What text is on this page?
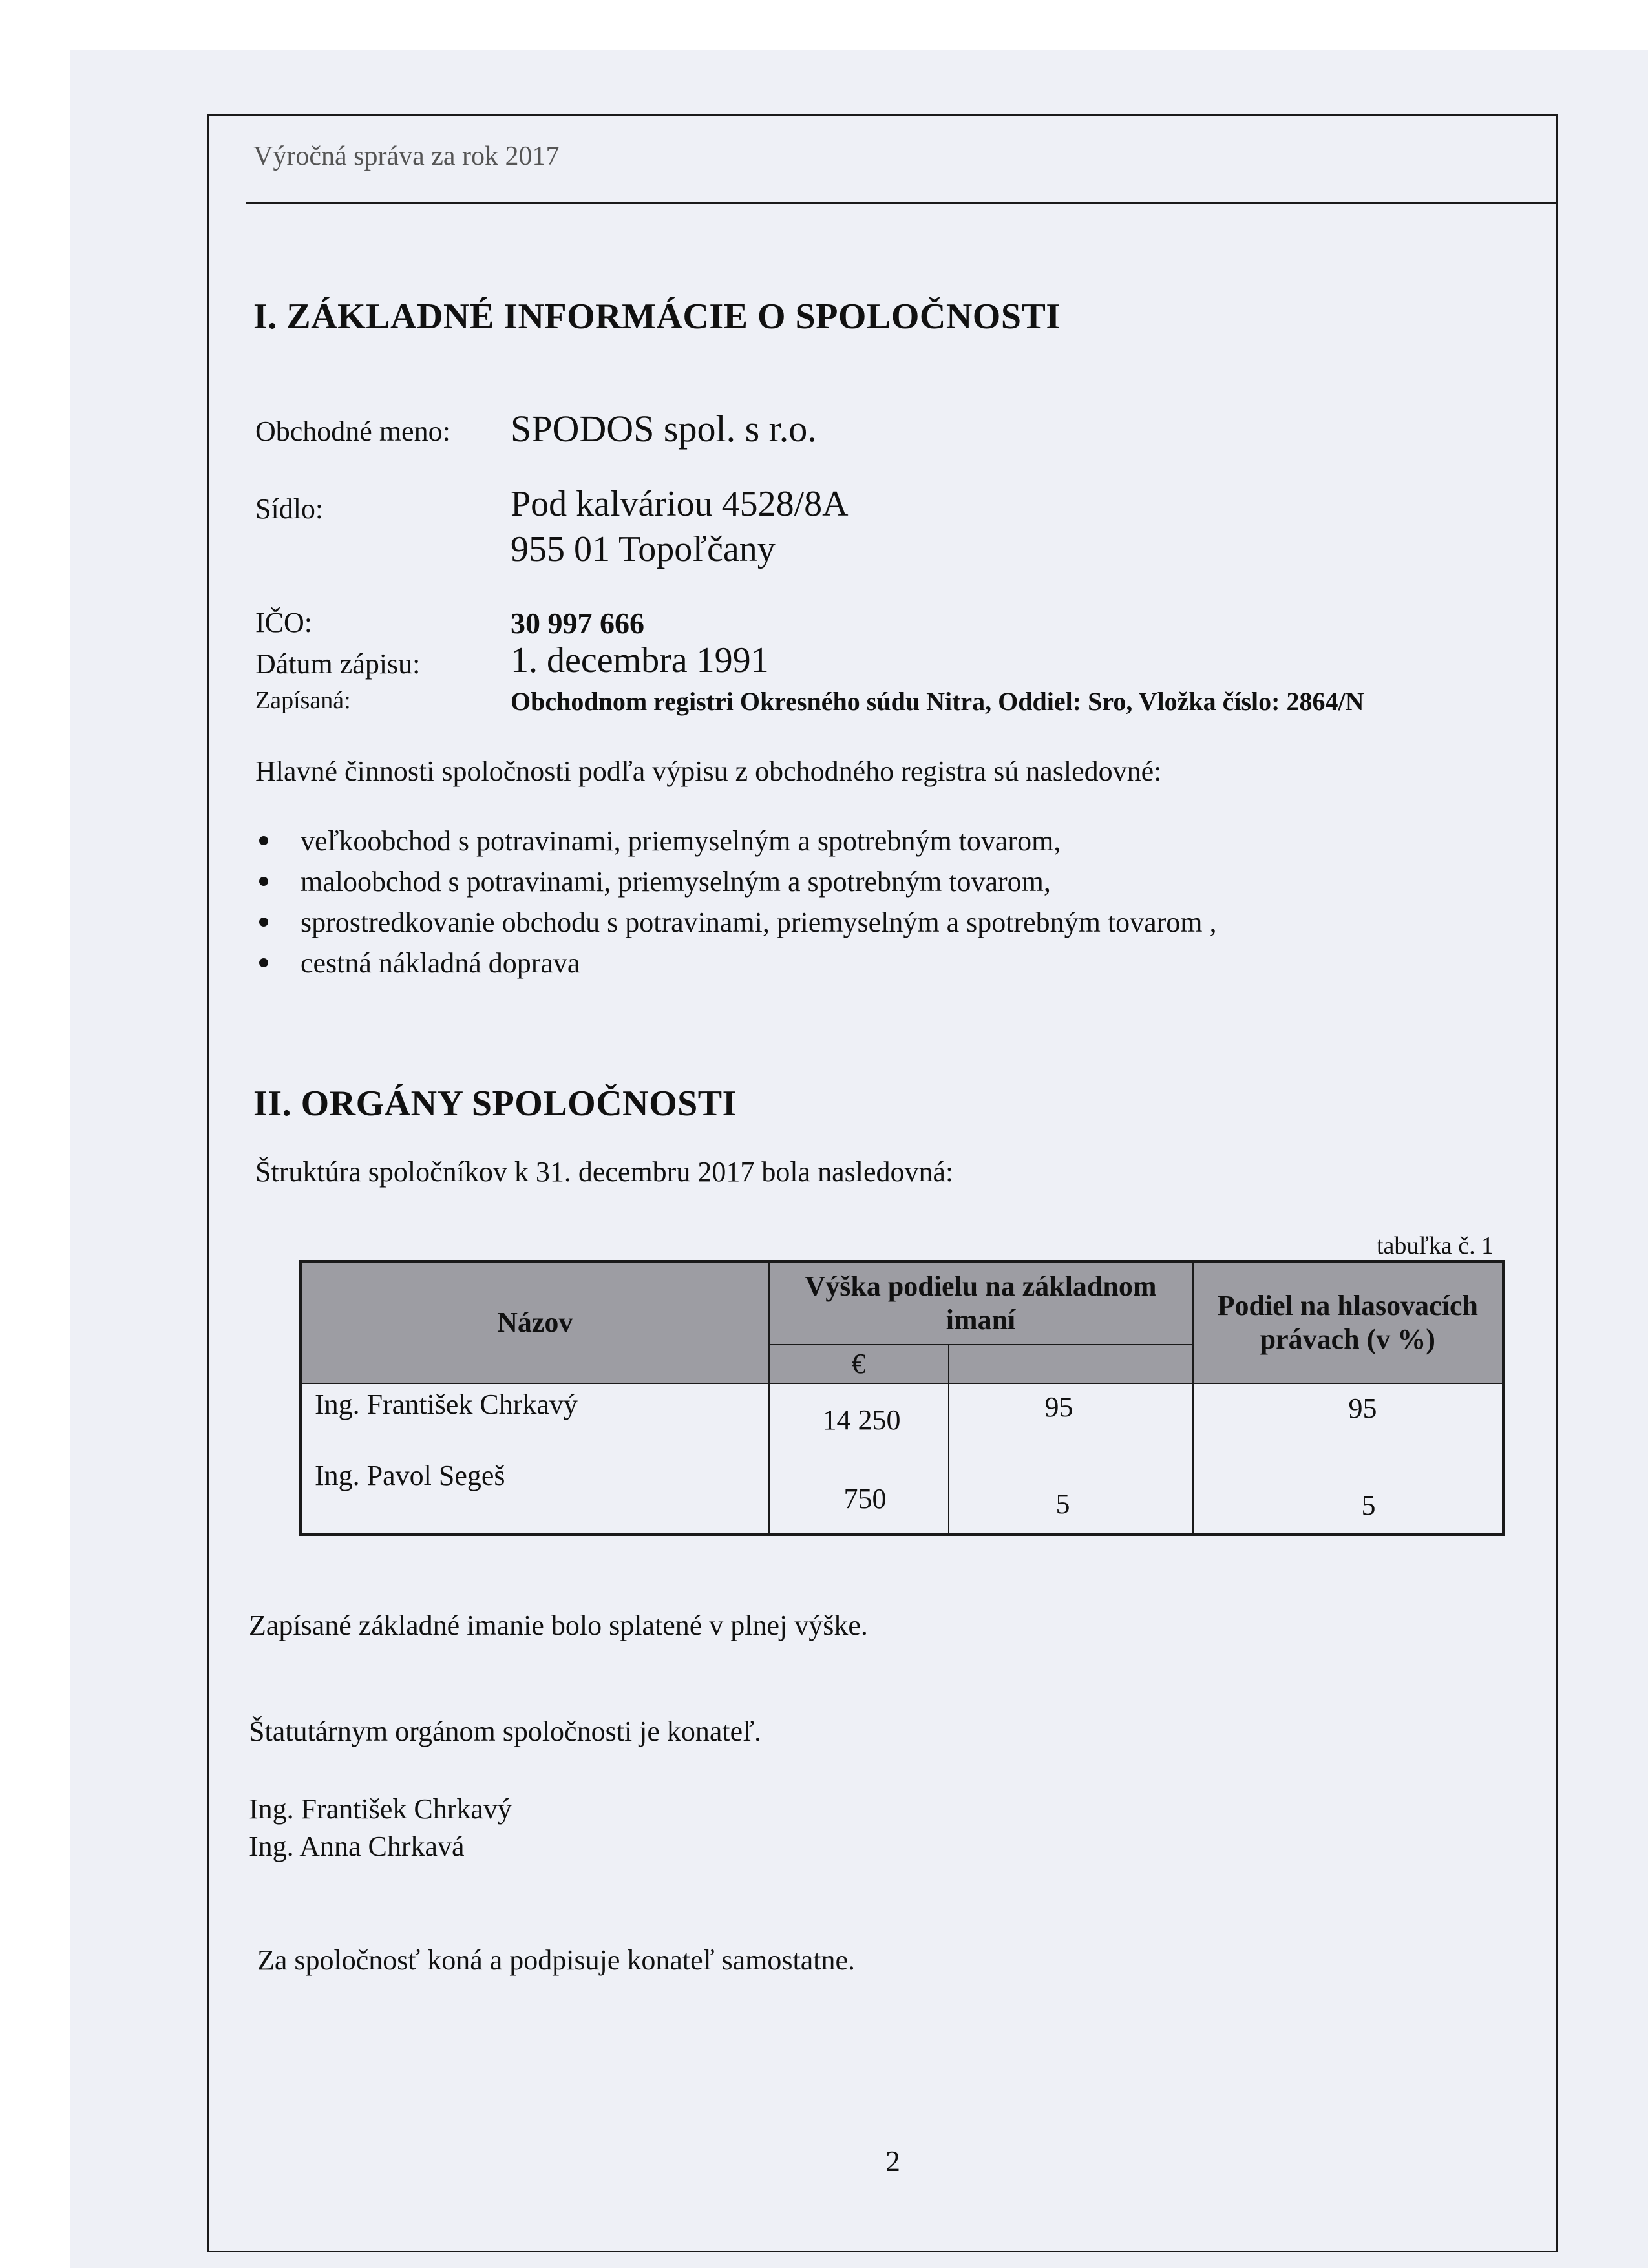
Výročná správa za rok 2017
I. ZÁKLADNÉ INFORMÁCIE O SPOLOČNOSTI
Obchodné meno: SPODOS spol. s r.o.
Sídlo:	Pod kalváriou 4528/8A
955 01 Topoľčany
IČO:	30 997 666
Dátum zápisu: 1. decembra 1991
Zapísaná:	Obchodnom registri Okresného súdu Nitra, Oddiel: Sro, Vložka číslo: 2864/N
Hlavné činnosti spoločnosti podľa výpisu z obchodného registra sú nasledovné:
veľkoobchod s potravinami, priemyselným a spotrebným tovarom,
maloobchod s potravinami, priemyselným a spotrebným tovarom,
sprostredkovanie obchodu s potravinami, priemyselným a spotrebným tovarom ,
cestná nákladná doprava
II. ORGÁNY SPOLOČNOSTI
Štruktúra spoločníkov k 31. decembru 2017 bola nasledovná:
tabuľka č. 1
Názov	Výška podielu na základnom imaní		Podiel na hlasovacích právach (v %)
	€		

Ing. František Chrkavý	14 250	95	95

Ing. Pavol Segeš	750	5	5
Zapísané základné imanie bolo splatené v plnej výške.
Štatutárnym orgánom spoločnosti je konateľ.
Ing. František Chrkavý
Ing. Anna Chrkavá
Za spoločnosť koná a podpisuje konateľ samostatne.
2
